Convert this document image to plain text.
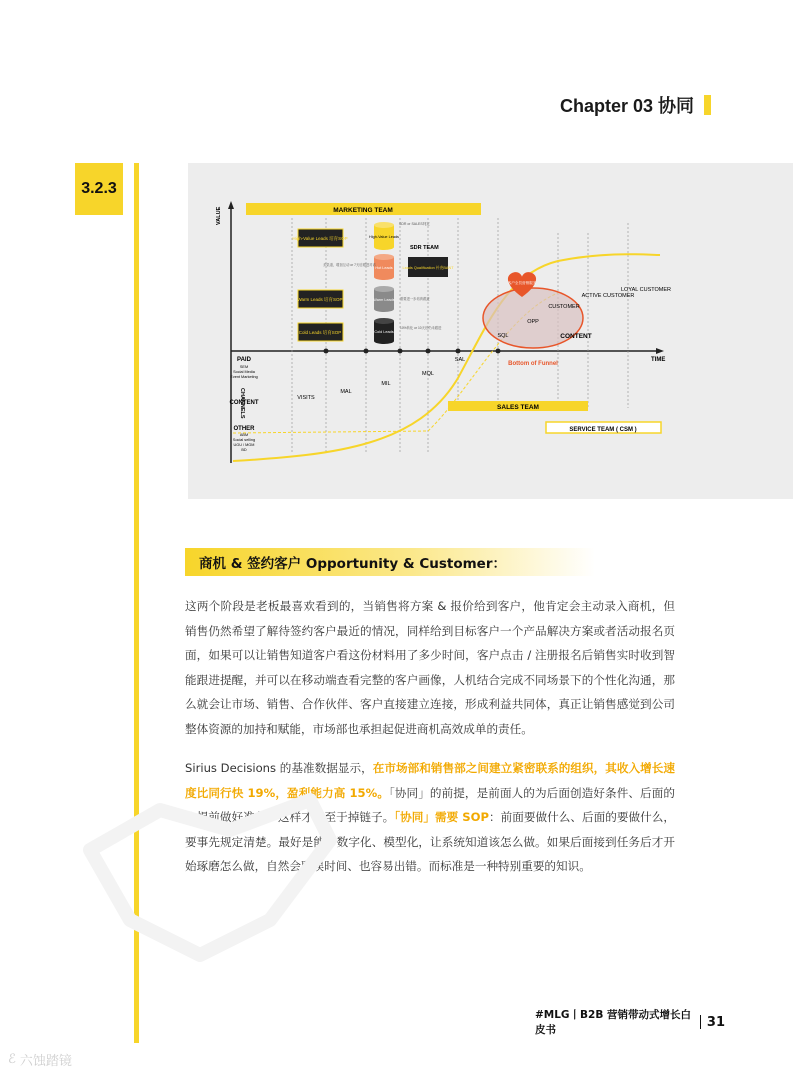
Chapter 03 协同
3.2.3
VALUE
TIME
MARKETING TEAM
SALES TEAM
SERVICE TEAM ( CSM )
High-Value Leads 培育SOP
Warm Leads 培育SOP
Cold Leads 培育SOP
High-Value Leads
Hot Leads
Warm Leads
Cold Leads
SDR or SALES判定
SDR TEAM
多渠道，增加互动 or 7天后跟进对话
需要进一步培育跟进
10%转化 or 10天后仍未跟进
Leads Qualification 补充BANT
PAID
SEM
Social Media
Event Marketing
CONTENT
OTHER
ABM
Social selling
UGU / MGM
BD
CHANNELS	VISITS
MAL
MIL
MQL
SAL
OPP
SQL
CUSTOMER
CONTENT
Bottom of Funnel
ACTIVE CUSTOMER
LOYAL CUSTOMER
客户全员营销服务
商机 & 签约客户 Opportunity & Customer：

这两个阶段是老板最喜欢看到的，当销售将方案 & 报价给到客户，他肯定会主动录入商机，但销售仍然希望了解待签约客户最近的情况，同样给到目标客户一个产品解决方案或者活动报名页面，如果可以让销售知道客户看这份材料用了多少时间，客户点击 / 注册报名后销售实时收到智能跟进提醒，并可以在移动端查看完整的客户画像，人机结合完成不同场景下的个性化沟通，那么就会让市场、销售、合作伙伴、客户直接建立连接，形成利益共同体，真正让销售感觉到公司整体资源的加持和赋能，市场部也承担起促进商机高效成单的责任。

Sirius Decisions 的基准数据显示，在市场部和销售部之间建立紧密联系的组织，其收入增长速度比同行快 19%，盈利能力高 15%。「协同」的前提，是前面人的为后面创造好条件、后面的人提前做好准备。这样才不至于掉链子。「协同」需要 SOP：前面要做什么、后面的要做什么，要事先规定清楚。最好是能够数字化、模型化，让系统知道该怎么做。如果后面接到任务后才开始琢磨怎么做，自然会耽误时间、也容易出错。而标准是一种特别重要的知识。

#MLG丨B2B 营销带动式增长白皮书
31
ℰ 六蚀踏镜
